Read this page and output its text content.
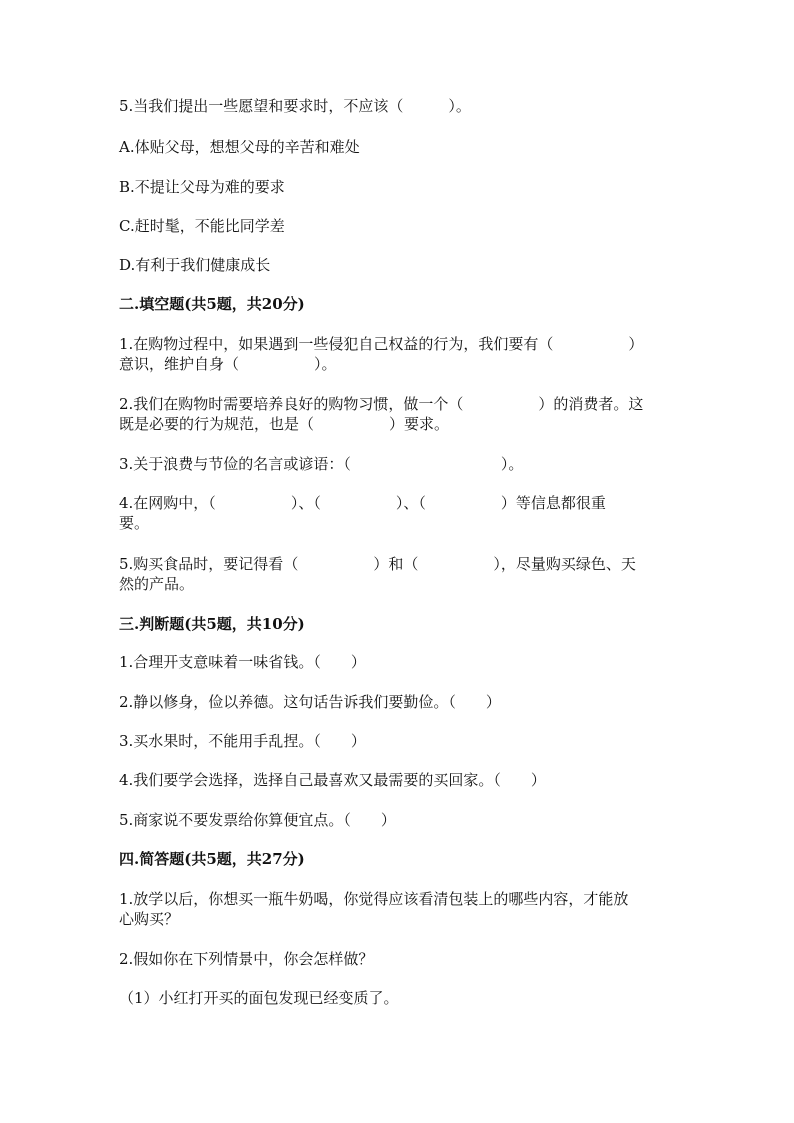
5.当我们提出一些愿望和要求时，不应该（　　　）。
A.体贴父母，想想父母的辛苦和难处
B.不提让父母为难的要求
C.赶时髦，不能比同学差
D.有利于我们健康成长
二.填空题(共5题，共20分)
1.在购物过程中，如果遇到一些侵犯自己权益的行为，我们要有（　　　　　）
意识，维护自身（　　　　　）。
2.我们在购物时需要培养良好的购物习惯，做一个（　　　　　）的消费者。这
既是必要的行为规范，也是（　　　　　）要求。
3.关于浪费与节俭的名言或谚语：（　　　　　　　　　　）。
4.在网购中，（　　　　　）、（　　　　　）、（　　　　　）等信息都很重
要。
5.购买食品时，要记得看（　　　　　）和（　　　　　），尽量购买绿色、天
然的产品。
三.判断题(共5题，共10分)
1.合理开支意味着一味省钱。（　　）
2.静以修身，俭以养德。这句话告诉我们要勤俭。（　　）
3.买水果时，不能用手乱捏。（　　）
4.我们要学会选择，选择自己最喜欢又最需要的买回家。（　　）
5.商家说不要发票给你算便宜点。（　　）
四.简答题(共5题，共27分)
1.放学以后，你想买一瓶牛奶喝，你觉得应该看清包装上的哪些内容，才能放
心购买？
2.假如你在下列情景中，你会怎样做？
（1）小红打开买的面包发现已经变质了。
